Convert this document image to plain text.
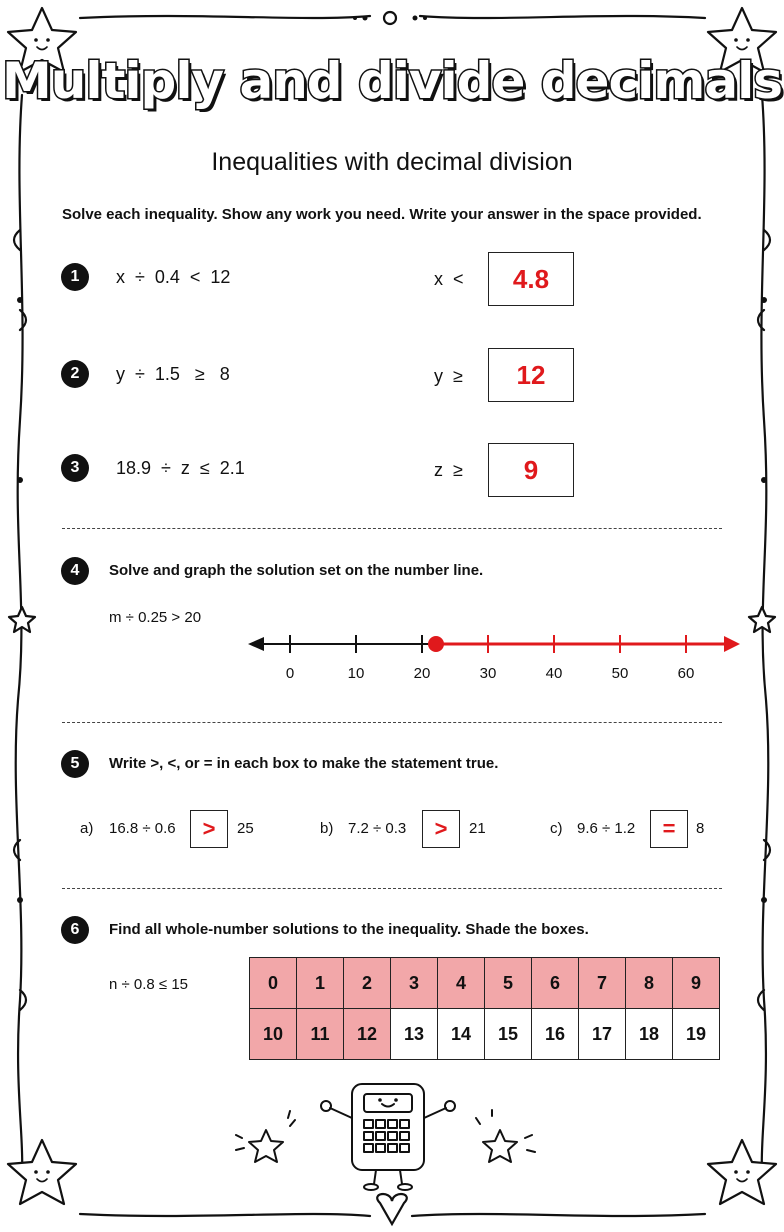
Multiply and divide decimals
Inequalities with decimal division
Solve each inequality. Show any work you need. Write your answer in the space provided.
1	x  ÷  0.4  <  12	x  <	4.8
2	y  ÷  1.5   ≥   8	y  ≥	12
3	18.9  ÷  z  ≤  2.1	z  ≥	9
4	Solve and graph the solution set on the number line.
m ÷ 0.25 > 20
0	10	20	30	40	50	60
5	Write >, <, or = in each box to make the statement true.
a) 16.8 ÷ 0.6	>	25	b) 7.2 ÷ 0.3	>	21	c) 9.6 ÷ 1.2	=	8
6	Find all whole-number solutions to the inequality. Shade the boxes.
n ÷ 0.8 ≤ 15	0	1	2	3	4	5	6	7	8	9
10	11	12	13	14	15	16	17	18	19
